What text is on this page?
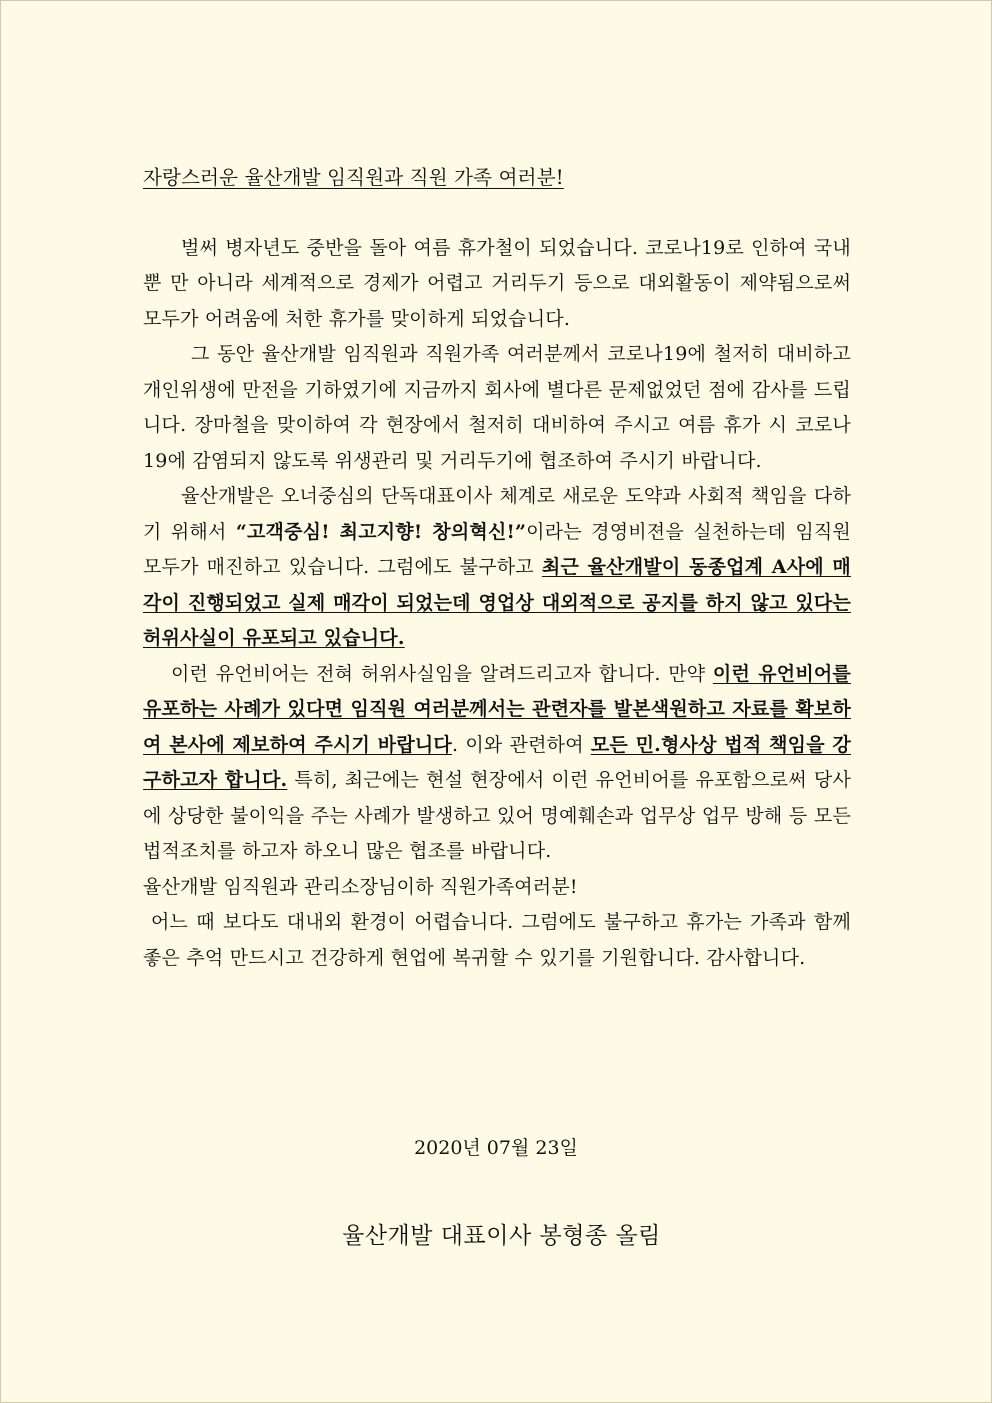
자랑스러운 율산개발 임직원과 직원 가족 여러분!

벌써 병자년도 중반을 돌아 여름 휴가철이 되었습니다. 코로나19로 인하여 국내 뿐 만 아니라 세계적으로 경제가 어렵고 거리두기 등으로 대외활동이 제약됨으로써 모두가 어려움에 처한 휴가를 맞이하게 되었습니다.

그 동안 율산개발 임직원과 직원가족 여러분께서 코로나19에 철저히 대비하고 개인위생에 만전을 기하였기에 지금까지 회사에 별다른 문제없었던 점에 감사를 드립니다. 장마철을 맞이하여 각 현장에서 철저히 대비하여 주시고 여름 휴가 시 코로나19에 감염되지 않도록 위생관리 및 거리두기에 협조하여 주시기 바랍니다.

율산개발은 오너중심의 단독대표이사 체계로 새로운 도약과 사회적 책임을 다하기 위해서 “고객중심! 최고지향! 창의혁신!”이라는 경영비젼을 실천하는데 임직원 모두가 매진하고 있습니다. 그럼에도 불구하고 최근 율산개발이 동종업계 A사에 매각이 진행되었고 실제 매각이 되었는데 영업상 대외적으로 공지를 하지 않고 있다는 허위사실이 유포되고 있습니다.

이런 유언비어는 전혀 허위사실임을 알려드리고자 합니다. 만약 이런 유언비어를 유포하는 사례가 있다면 임직원 여러분께서는 관련자를 발본색원하고 자료를 확보하여 본사에 제보하여 주시기 바랍니다. 이와 관련하여 모든 민.형사상 법적 책임을 강구하고자 합니다. 특히, 최근에는 현설 현장에서 이런 유언비어를 유포함으로써 당사에 상당한 불이익을 주는 사례가 발생하고 있어 명예훼손과 업무상 업무 방해 등 모든 법적조치를 하고자 하오니 많은 협조를 바랍니다.

율산개발 임직원과 관리소장님이하 직원가족여러분!

어느 때 보다도 대내외 환경이 어렵습니다. 그럼에도 불구하고 휴가는 가족과 함께 좋은 추억 만드시고 건강하게 현업에 복귀할 수 있기를 기원합니다. 감사합니다.

2020년 07월 23일
율산개발 대표이사 봉형종 올림
